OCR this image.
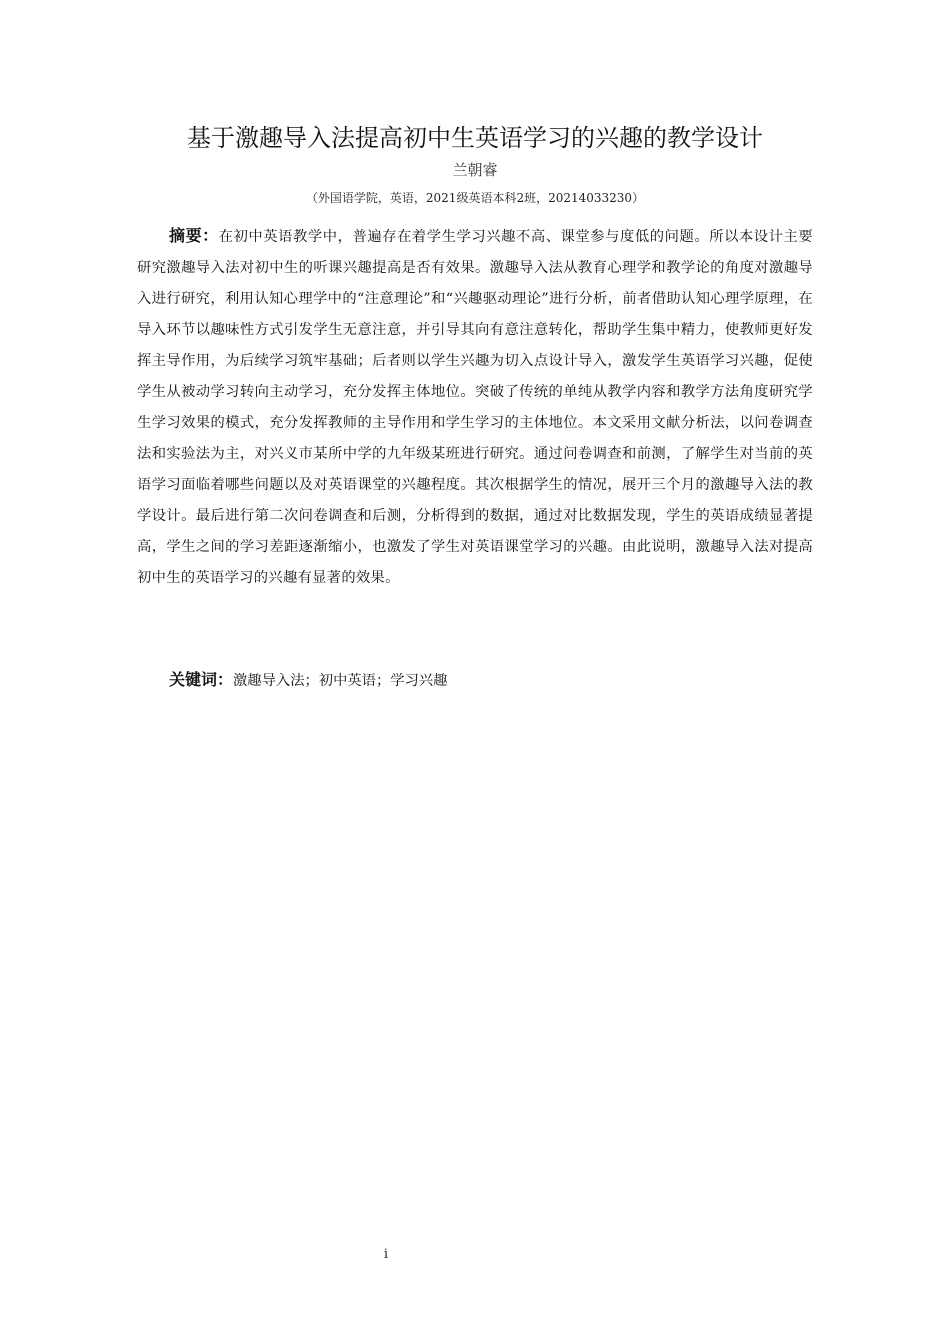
基于激趣导入法提高初中生英语学习的兴趣的教学设计
兰朝睿
（外国语学院，英语，2021级英语本科2班，20214033230）

摘要：在初中英语教学中，普遍存在着学生学习兴趣不高、课堂参与度低的问题。所以本设计主要研究激趣导入法对初中生的听课兴趣提高是否有效果。激趣导入法从教育心理学和教学论的角度对激趣导入进行研究，利用认知心理学中的“注意理论”和“兴趣驱动理论”进行分析，前者借助认知心理学原理，在导入环节以趣味性方式引发学生无意注意，并引导其向有意注意转化，帮助学生集中精力，使教师更好发挥主导作用，为后续学习筑牢基础；后者则以学生兴趣为切入点设计导入，激发学生英语学习兴趣，促使学生从被动学习转向主动学习，充分发挥主体地位。突破了传统的单纯从教学内容和教学方法角度研究学生学习效果的模式，充分发挥教师的主导作用和学生学习的主体地位。本文采用文献分析法，以问卷调查法和实验法为主，对兴义市某所中学的九年级某班进行研究。通过问卷调查和前测，了解学生对当前的英语学习面临着哪些问题以及对英语课堂的兴趣程度。其次根据学生的情况，展开三个月的激趣导入法的教学设计。最后进行第二次问卷调查和后测，分析得到的数据，通过对比数据发现，学生的英语成绩显著提高，学生之间的学习差距逐渐缩小，也激发了学生对英语课堂学习的兴趣。由此说明，激趣导入法对提高初中生的英语学习的兴趣有显著的效果。

关键词：激趣导入法；初中英语；学习兴趣

i
